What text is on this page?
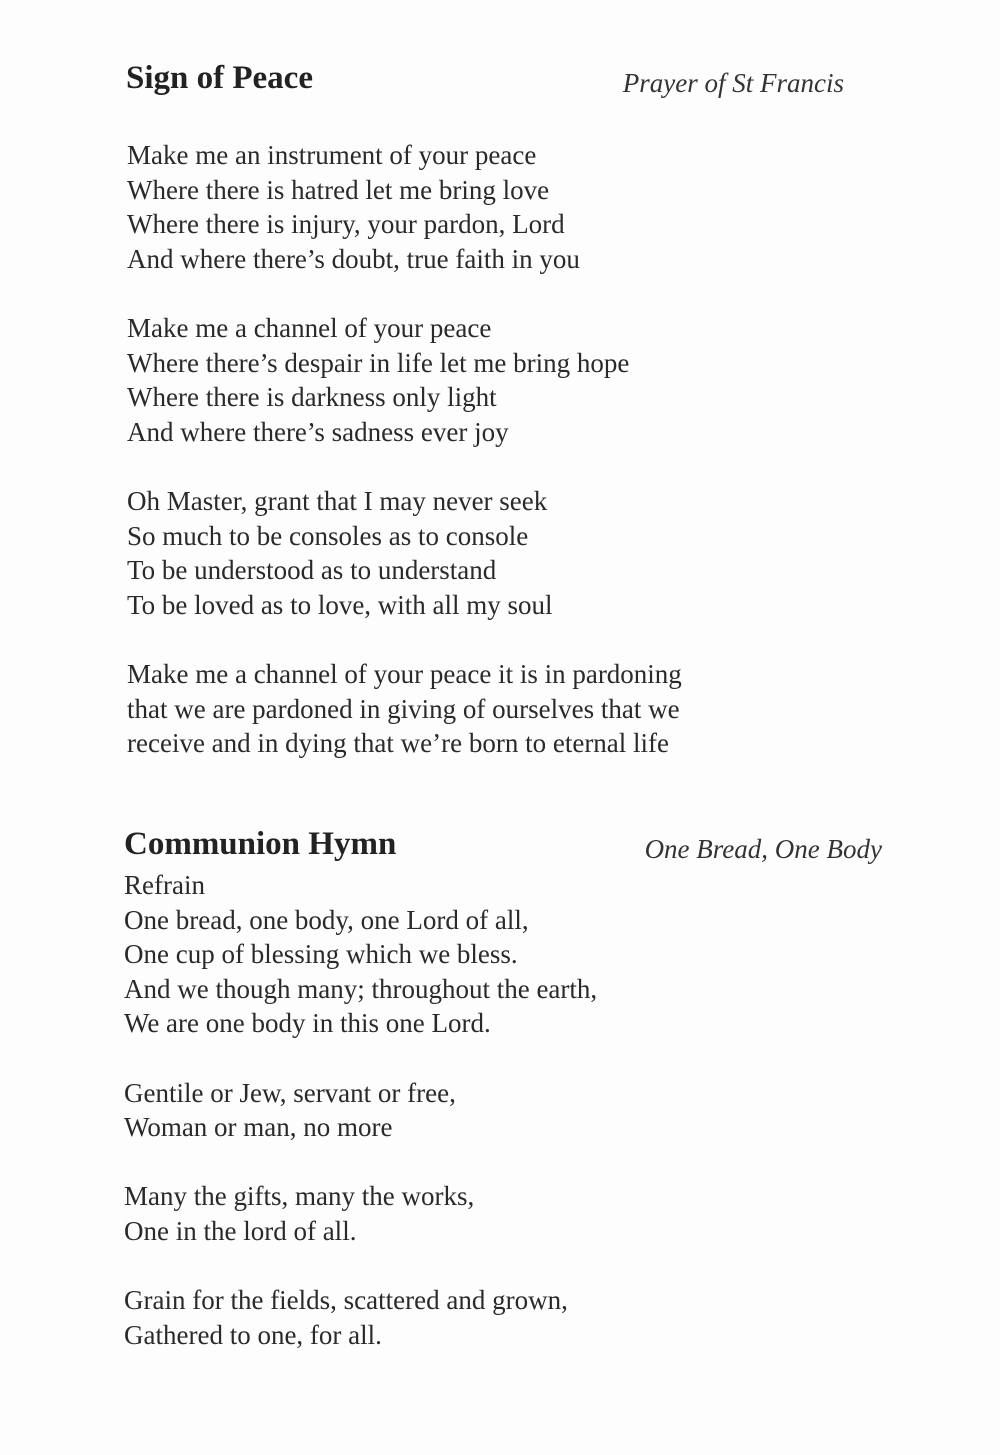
Sign of Peace	Prayer of St Francis
Make me an instrument of your peace
Where there is hatred let me bring love
Where there is injury, your pardon, Lord
And where there’s doubt, true faith in you
Make me a channel of your peace
Where there’s despair in life let me bring hope
Where there is darkness only light
And where there’s sadness ever joy
Oh Master, grant that I may never seek
So much to be consoles as to console
To be understood as to understand
To be loved as to love, with all my soul
Make me a channel of your peace it is in pardoning
that we are pardoned in giving of ourselves that we
receive and in dying that we’re born to eternal life
Communion Hymn	One Bread, One Body
Refrain
One bread, one body, one Lord of all,
One cup of blessing which we bless.
And we though many; throughout the earth,
We are one body in this one Lord.
Gentile or Jew, servant or free,
Woman or man, no more
Many the gifts, many the works,
One in the lord of all.
Grain for the fields, scattered and grown,
Gathered to one, for all.
